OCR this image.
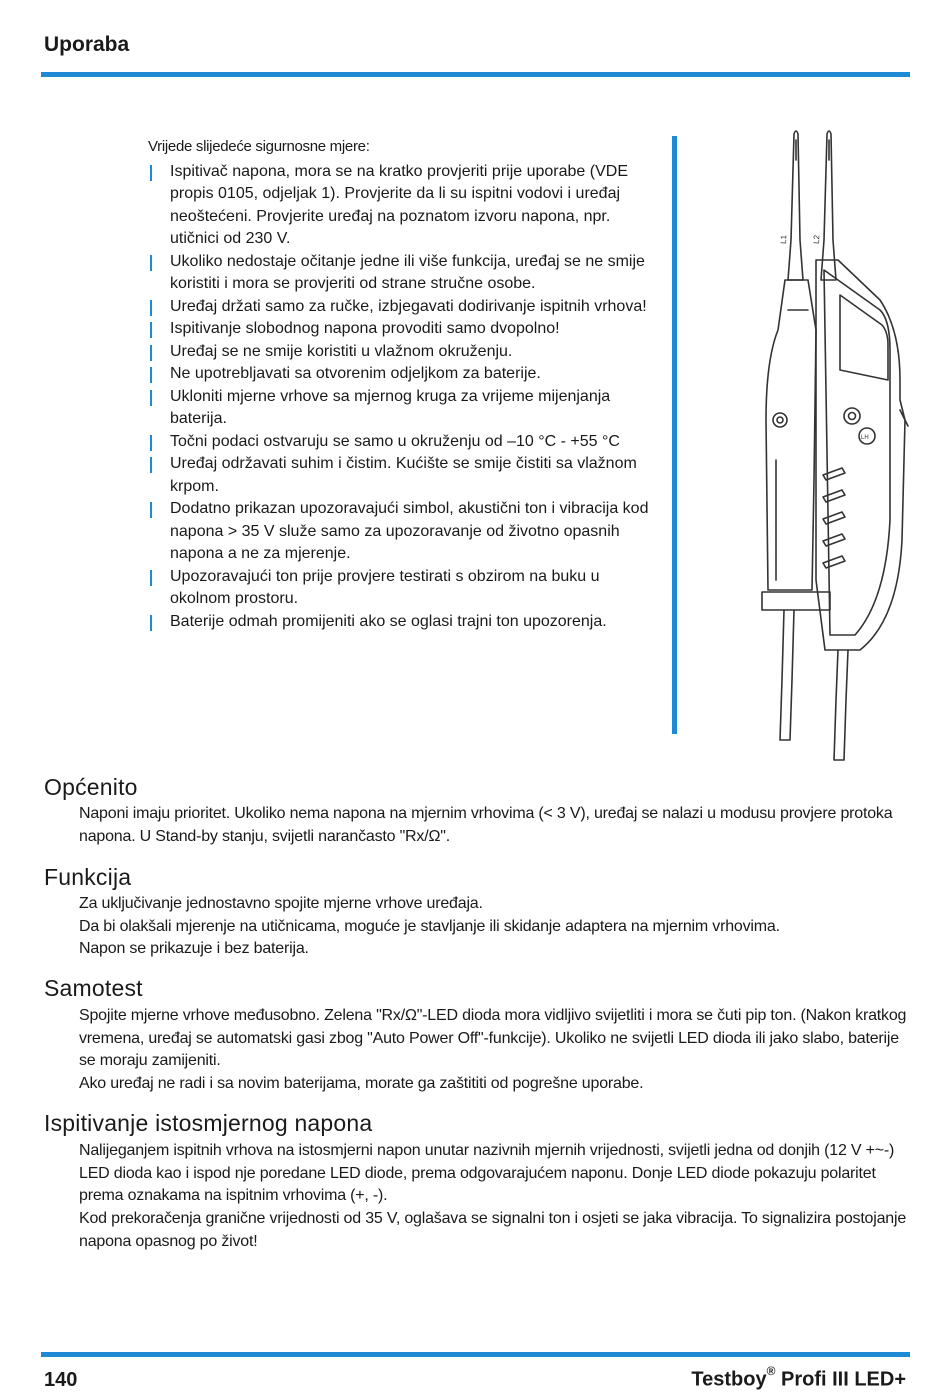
Uporaba

Vrijede slijedeće sigurnosne mjere:

Ispitivač napona, mora se na kratko provjeriti prije uporabe (VDE propis 0105, odjeljak 1). Provjerite da li su ispitni vodovi i uređaj neoštećeni. Provjerite uređaj na poznatom izvoru napona, npr. utičnici od 230 V.
Ukoliko nedostaje očitanje jedne ili više funkcija, uređaj se ne smije koristiti i mora se provjeriti od strane stručne osobe.
Uređaj držati samo za ručke, izbjegavati dodirivanje ispitnih vrhova!
Ispitivanje slobodnog napona provoditi samo dvopolno!
Uređaj se ne smije koristiti u vlažnom okruženju.
Ne upotrebljavati sa otvorenim odjeljkom za baterije.
Ukloniti mjerne vrhove sa mjernog kruga za vrijeme mijenjanja baterija.
Točni podaci ostvaruju se samo u okruženju od –10 °C - +55 °C
Uređaj održavati suhim i čistim. Kućište se smije čistiti sa vlažnom krpom.
Dodatno prikazan upozoravajući simbol, akustični ton i vibracija kod napona > 35 V služe samo za upozoravanje od životno opasnih napona a ne za mjerenje.
Upozoravajući ton prije provjere testirati s obzirom na buku u okolnom prostoru.
Baterije odmah promijeniti ako se oglasi trajni ton upozorenja.
L1	L2
LH
Općenito

Naponi imaju prioritet. Ukoliko nema napona na mjernim vrhovima (< 3 V), uređaj se nalazi u modusu provjere protoka napona. U Stand-by stanju, svijetli narančasto "Rx/Ω".

Funkcija

Za uključivanje jednostavno spojite mjerne vrhove uređaja.

Da bi olakšali mjerenje na utičnicama, moguće je stavljanje ili skidanje adaptera na mjernim vrhovima.

Napon se prikazuje i bez baterija.

Samotest

Spojite mjerne vrhove međusobno. Zelena "Rx/Ω"-LED dioda mora vidljivo svijetliti i mora se čuti pip ton. (Nakon kratkog vremena, uređaj se automatski gasi zbog "Auto Power Off"-funkcije). Ukoliko ne svijetli LED dioda ili jako slabo, baterije se moraju zamijeniti.

Ako uređaj ne radi i sa novim baterijama, morate ga zaštititi od pogrešne uporabe.

Ispitivanje istosmjernog napona

Nalijeganjem ispitnih vrhova na istosmjerni napon unutar nazivnih mjernih vrijednosti, svijetli jedna od donjih (12 V +~-) LED dioda kao i ispod nje poredane LED diode, prema odgovarajućem naponu. Donje LED diode pokazuju polaritet prema oznakama na ispitnim vrhovima (+, -).

Kod prekoračenja granične vrijednosti od 35 V, oglašava se signalni ton i osjeti se jaka vibracija. To signalizira postojanje napona opasnog po život!

140	Testboy® Profi III LED+
